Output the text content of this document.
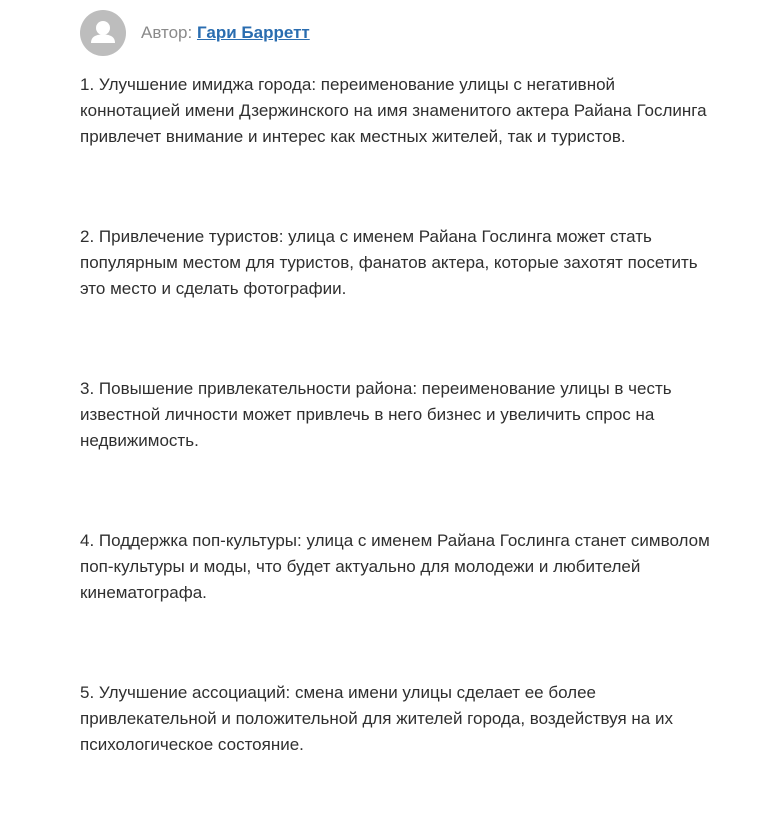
Автор: Гари Барретт

1. Улучшение имиджа города: переименование улицы с негативной коннотацией имени Дзержинского на имя знаменитого актера Райана Гослинга привлечет внимание и интерес как местных жителей, так и туристов.

2. Привлечение туристов: улица с именем Райана Гослинга может стать популярным местом для туристов, фанатов актера, которые захотят посетить это место и сделать фотографии.

3. Повышение привлекательности района: переименование улицы в честь известной личности может привлечь в него бизнес и увеличить спрос на недвижимость.

4. Поддержка поп-культуры: улица с именем Райана Гослинга станет символом поп-культуры и моды, что будет актуально для молодежи и любителей кинематографа.

5. Улучшение ассоциаций: смена имени улицы сделает ее более привлекательной и положительной для жителей города, воздействуя на их психологическое состояние.
